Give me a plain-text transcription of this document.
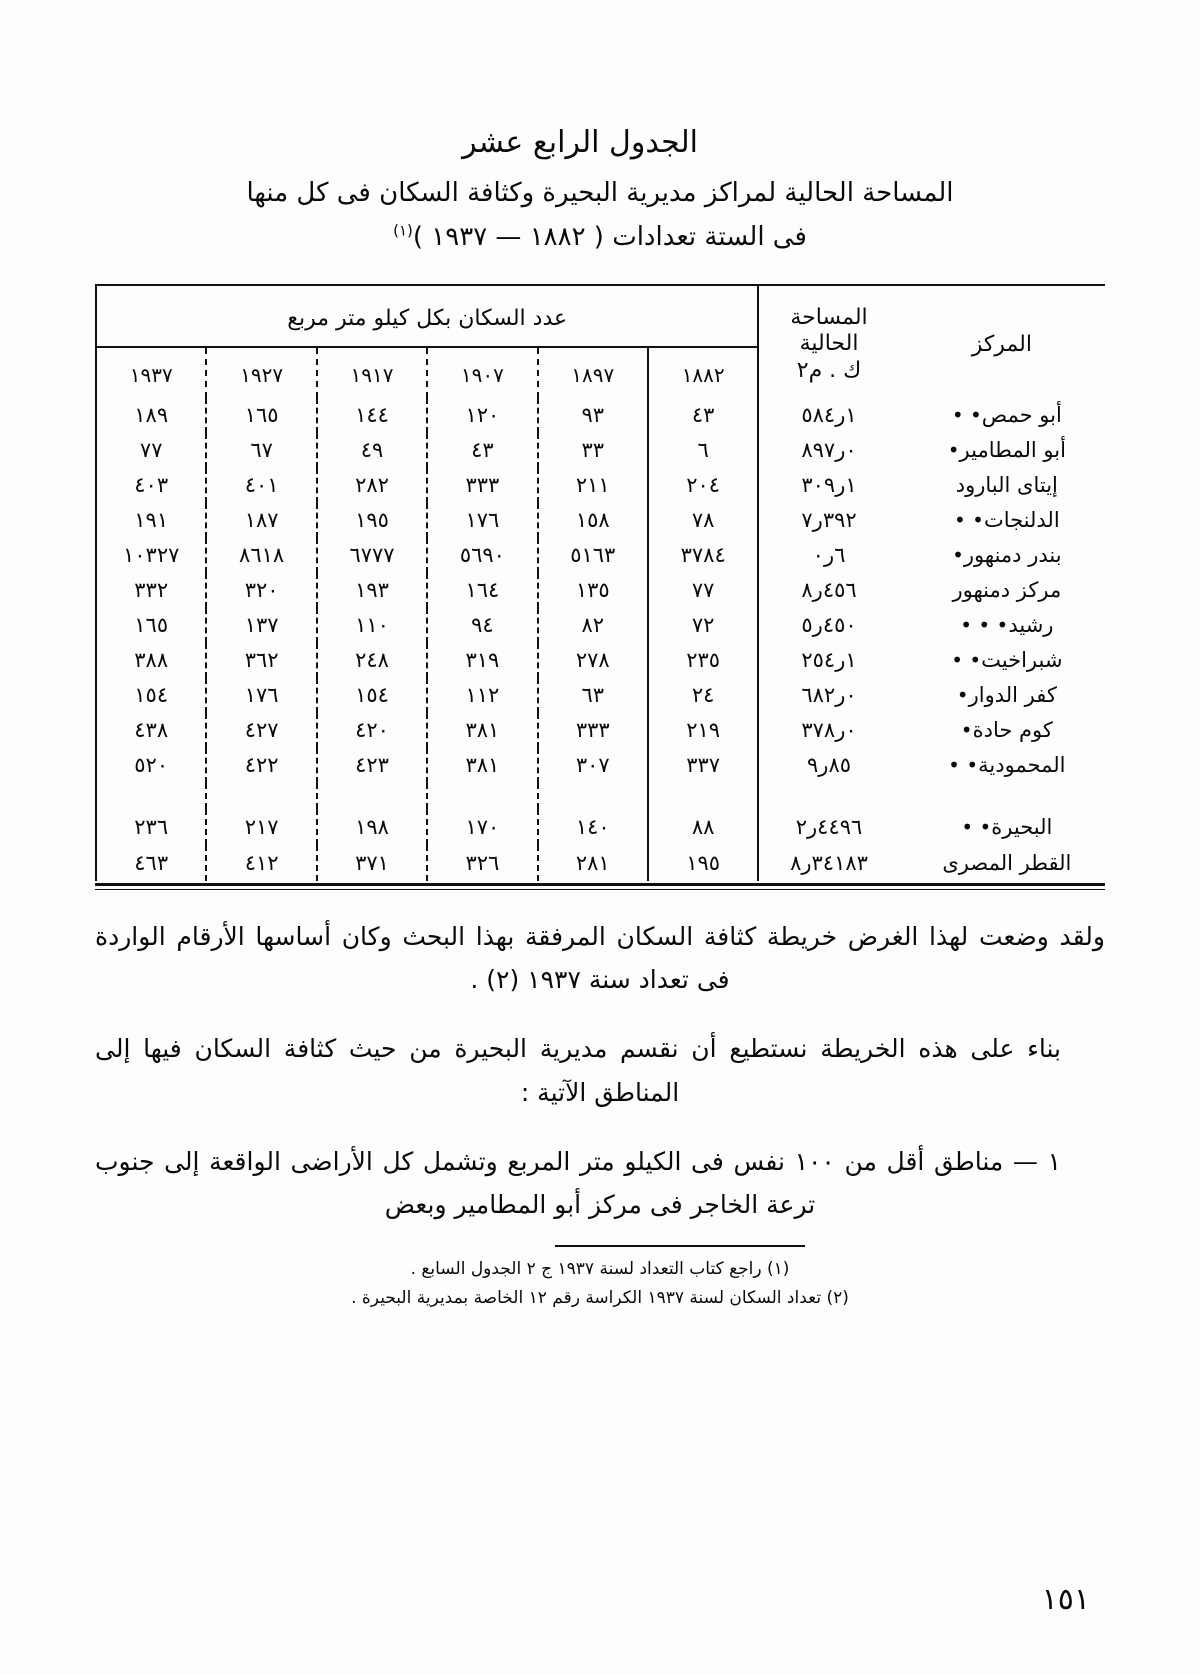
الجدول الرابع عشر
المساحة الحالية لمراكز مديرية البحيرة وكثافة السكان فى كل منها
فى الستة تعدادات ( ١٨٨٢ — ١٩٣٧ )$^{(١)}$
المركز	المساحة
الحالية
ك . م٢	عدد السكان بكل كيلو متر مربع					
		١٨٨٢	١٨٩٧	١٩٠٧	١٩١٧	١٩٢٧	١٩٣٧
أبو حمص• •	١ر٥٨٤	٤٣	٩٣	١٢٠	١٤٤	١٦٥	١٨٩
أبو المطامير•	٠ر٨٩٧	٦	٣٣	٤٣	٤٩	٦٧	٧٧
إيتاى البارود	١ر٣٠٩	٢٠٤	٢١١	٣٣٣	٢٨٢	٤٠١	٤٠٣
الدلنجات• •	٣٩٢ر٧	٧٨	١٥٨	١٧٦	١٩٥	١٨٧	١٩١
بندر دمنهور•	٦ر٠	٣٧٨٤	٥١٦٣	٥٦٩٠	٦٧٧٧	٨٦١٨	١٠٣٢٧
مركز دمنهور	٤٥٦ر٨	٧٧	١٣٥	١٦٤	١٩٣	٣٢٠	٣٣٢
رشيد• • •	٤٥٠ر٥	٧٢	٨٢	٩٤	١١٠	١٣٧	١٦٥
شبراخيت• •	١ر٢٥٤	٢٣٥	٢٧٨	٣١٩	٢٤٨	٣٦٢	٣٨٨
كفر الدوار•	٠ر٦٨٢	٢٤	٦٣	١١٢	١٥٤	١٧٦	١٥٤
كوم حادة•	٠ر٣٧٨	٢١٩	٣٣٣	٣٨١	٤٢٠	٤٢٧	٤٣٨
المحمودية• •	٨٥ر٩	٣٣٧	٣٠٧	٣٨١	٤٢٣	٤٢٢	٥٢٠

البحيرة• •	٤٤٩٦ر٢	٨٨	١٤٠	١٧٠	١٩٨	٢١٧	٢٣٦
القطر المصرى	٣٤١٨٣ر٨	١٩٥	٢٨١	٣٢٦	٣٧١	٤١٢	٤٦٣

ولقد وضعت لهذا الغرض خريطة كثافة السكان المرفقة بهذا البحث وكان أساسها الأرقام الواردة فى تعداد سنة ١٩٣٧ (٢) .

بناء على هذه الخريطة نستطيع أن نقسم مديرية البحيرة من حيث كثافة السكان فيها إلى المناطق الآتية :

١ — مناطق أقل من ١٠٠ نفس فى الكيلو متر المربع وتشمل كل الأراضى الواقعة إلى جنوب ترعة الخاجر فى مركز أبو المطامير وبعض

(١) راجع كتاب التعداد لسنة ١٩٣٧ ج ٢ الجدول السابع .
(٢) تعداد السكان لسنة ١٩٣٧ الكراسة رقم ١٢ الخاصة بمديرية البحيرة .
١٥١
